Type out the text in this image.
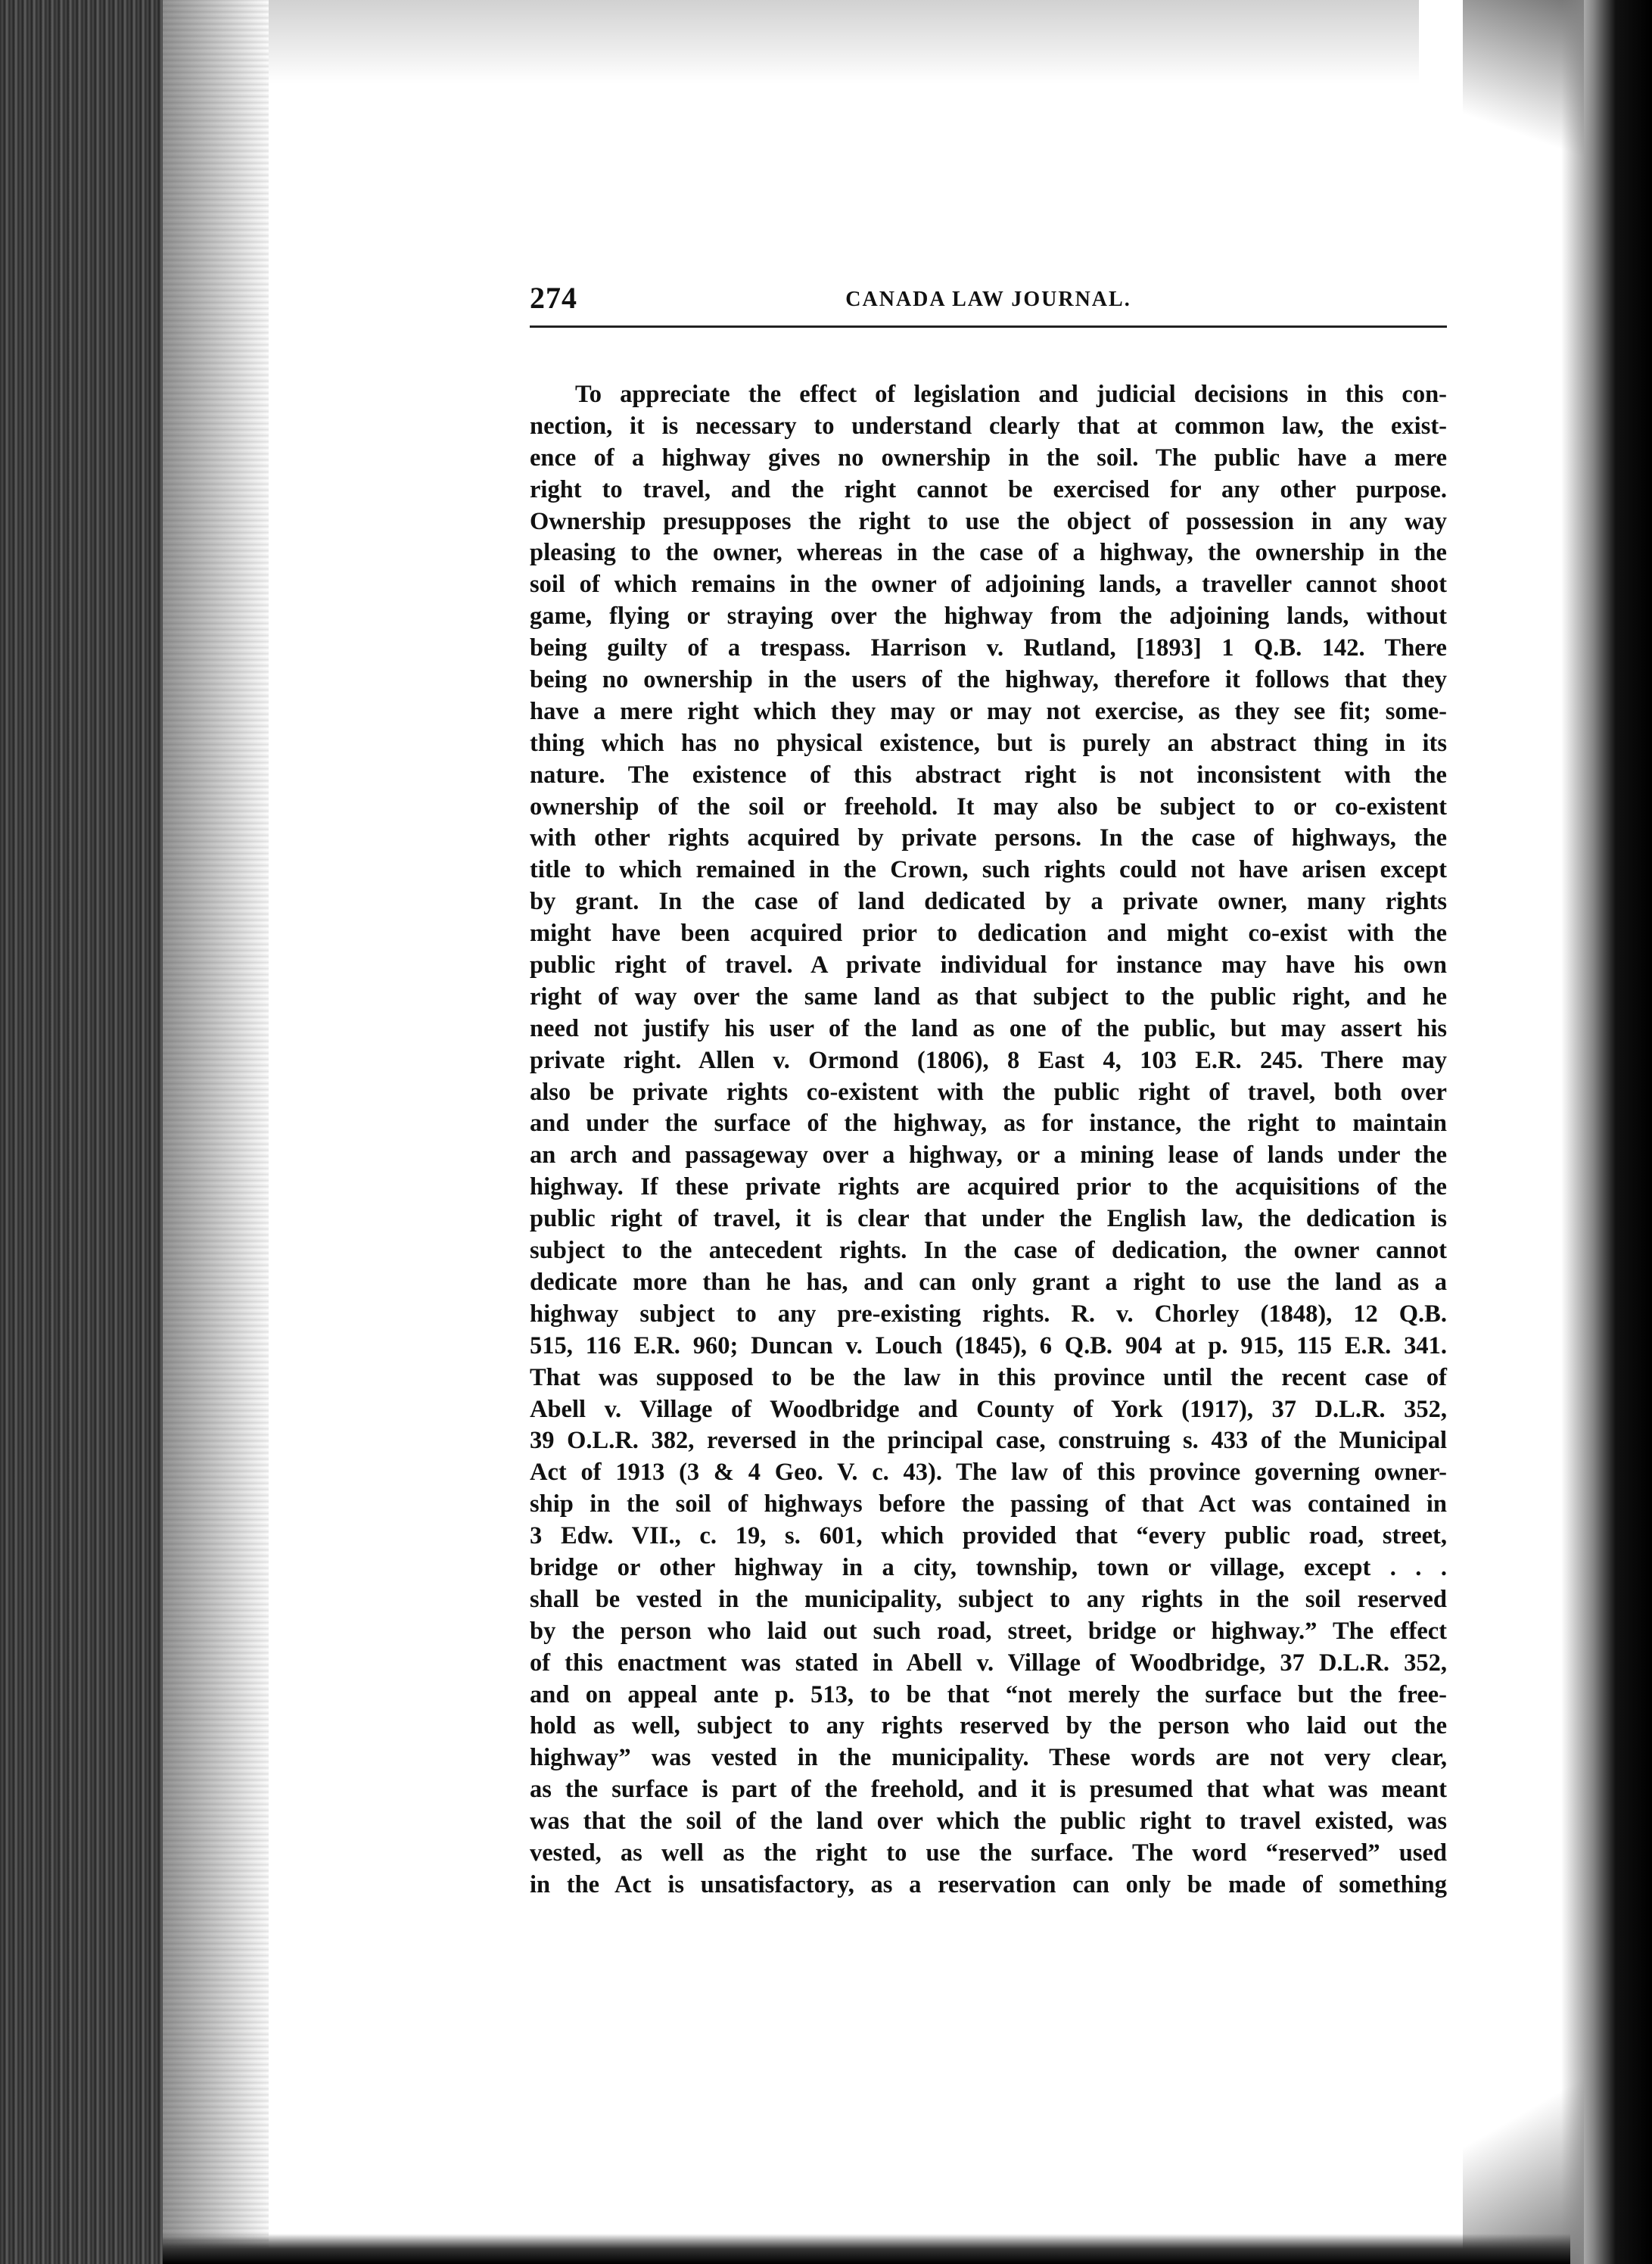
274	CANADA LAW JOURNAL.
To appreciate the effect of legislation and judicial decisions in this con-
nection, it is necessary to understand clearly that at common law, the exist-
ence of a highway gives no ownership in the soil. The public have a mere
right to travel, and the right cannot be exercised for any other purpose.
Ownership presupposes the right to use the object of possession in any way
pleasing to the owner, whereas in the case of a highway, the ownership in the
soil of which remains in the owner of adjoining lands, a traveller cannot shoot
game, flying or straying over the highway from the adjoining lands, without
being guilty of a trespass. Harrison v. Rutland, [1893] 1 Q.B. 142. There
being no ownership in the users of the highway, therefore it follows that they
have a mere right which they may or may not exercise, as they see fit; some-
thing which has no physical existence, but is purely an abstract thing in its
nature. The existence of this abstract right is not inconsistent with the
ownership of the soil or freehold. It may also be subject to or co-existent
with other rights acquired by private persons. In the case of highways, the
title to which remained in the Crown, such rights could not have arisen except
by grant. In the case of land dedicated by a private owner, many rights
might have been acquired prior to dedication and might co-exist with the
public right of travel. A private individual for instance may have his own
right of way over the same land as that subject to the public right, and he
need not justify his user of the land as one of the public, but may assert his
private right. Allen v. Ormond (1806), 8 East 4, 103 E.R. 245. There may
also be private rights co-existent with the public right of travel, both over
and under the surface of the highway, as for instance, the right to maintain
an arch and passageway over a highway, or a mining lease of lands under the
highway. If these private rights are acquired prior to the acquisitions of the
public right of travel, it is clear that under the English law, the dedication is
subject to the antecedent rights. In the case of dedication, the owner cannot
dedicate more than he has, and can only grant a right to use the land as a
highway subject to any pre-existing rights. R. v. Chorley (1848), 12 Q.B.
515, 116 E.R. 960; Duncan v. Louch (1845), 6 Q.B. 904 at p. 915, 115 E.R. 341.
That was supposed to be the law in this province until the recent case of
Abell v. Village of Woodbridge and County of York (1917), 37 D.L.R. 352,
39 O.L.R. 382, reversed in the principal case, construing s. 433 of the Municipal
Act of 1913 (3 & 4 Geo. V. c. 43). The law of this province governing owner-
ship in the soil of highways before the passing of that Act was contained in
3 Edw. VII., c. 19, s. 601, which provided that “every public road, street,
bridge or other highway in a city, township, town or village, except . . .
shall be vested in the municipality, subject to any rights in the soil reserved
by the person who laid out such road, street, bridge or highway.” The effect
of this enactment was stated in Abell v. Village of Woodbridge, 37 D.L.R. 352,
and on appeal ante p. 513, to be that “not merely the surface but the free-
hold as well, subject to any rights reserved by the person who laid out the
highway” was vested in the municipality. These words are not very clear,
as the surface is part of the freehold, and it is presumed that what was meant
was that the soil of the land over which the public right to travel existed, was
vested, as well as the right to use the surface. The word “reserved” used
in the Act is unsatisfactory, as a reservation can only be made of something
